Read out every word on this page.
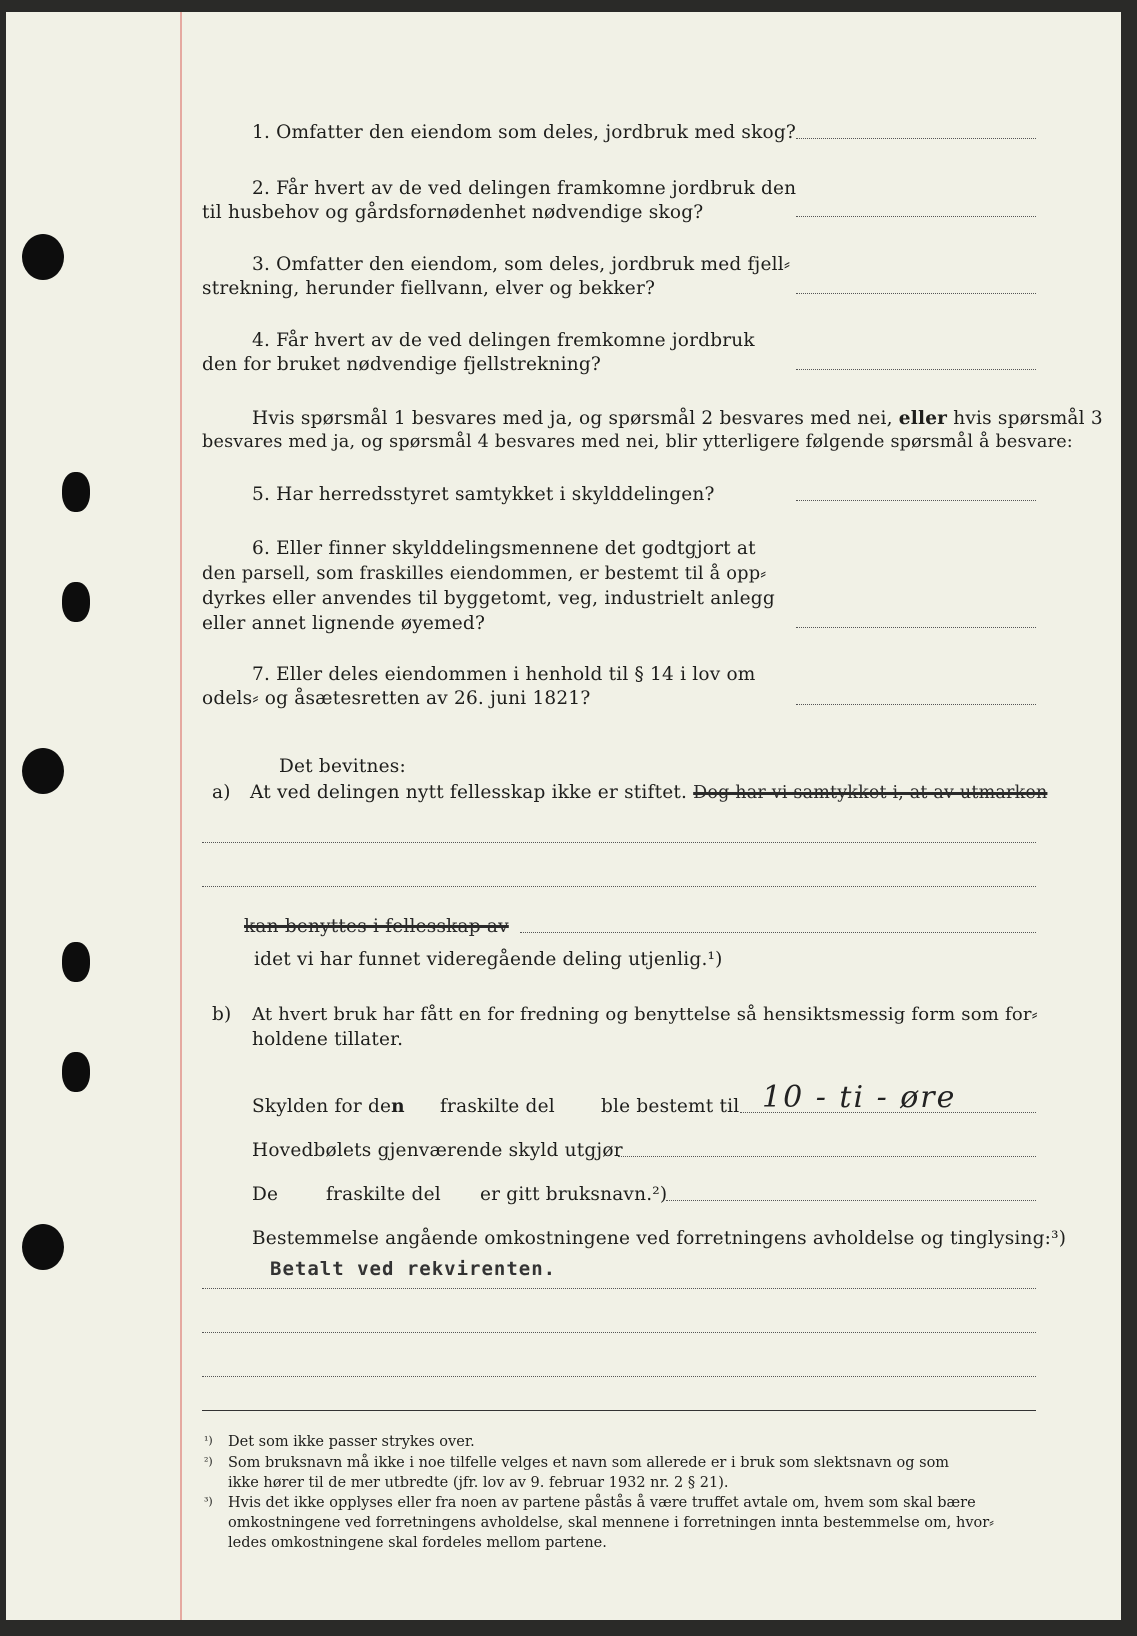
1. Omfatter den eiendom som deles, jordbruk med skog?
2. Får hvert av de ved delingen framkomne jordbruk den
til husbehov og gårdsfornødenhet nødvendige skog?
3. Omfatter den eiendom, som deles, jordbruk med fjell⸗
strekning, herunder fiellvann, elver og bekker?
4. Får hvert av de ved delingen fremkomne jordbruk
den for bruket nødvendige fjellstrekning?
Hvis spørsmål 1 besvares med ja, og spørsmål 2 besvares med nei, eller hvis spørsmål 3
besvares med ja, og spørsmål 4 besvares med nei, blir ytterligere følgende spørsmål å besvare:
5. Har herredsstyret samtykket i skylddelingen?
6. Eller finner skylddelingsmennene det godtgjort at
den parsell, som fraskilles eiendommen, er bestemt til å opp⸗
dyrkes eller anvendes til byggetomt, veg, industrielt anlegg
eller annet lignende øyemed?
7. Eller deles eiendommen i henhold til § 14 i lov om
odels⸗ og åsætesretten av 26. juni 1821?
Det bevitnes:
a) At ved delingen nytt fellesskap ikke er stiftet. Dog har vi samtykket i, at av utmarken
kan benyttes i fellesskap av
idet vi har funnet videregående deling utjenlig.¹)
b) At hvert bruk har fått en for fredning og benyttelse så hensiktsmessig form som for⸗
holdene tillater.
Skylden for den fraskilte del ble bestemt til 10 - ti - øre
Hovedbølets gjenværende skyld utgjør
De	fraskilte del er gitt bruksnavn.²)
Bestemmelse angående omkostningene ved forretningens avholdelse og tinglysing:³)
Betalt ved rekvirenten.
¹) Det som ikke passer strykes over.
²) Som bruksnavn må ikke i noe tilfelle velges et navn som allerede er i bruk som slektsnavn og som
ikke hører til de mer utbredte (jfr. lov av 9. februar 1932 nr. 2 § 21).
³) Hvis det ikke opplyses eller fra noen av partene påstås å være truffet avtale om, hvem som skal bære
omkostningene ved forretningens avholdelse, skal mennene i forretningen innta bestemmelse om, hvor⸗
ledes omkostningene skal fordeles mellom partene.
